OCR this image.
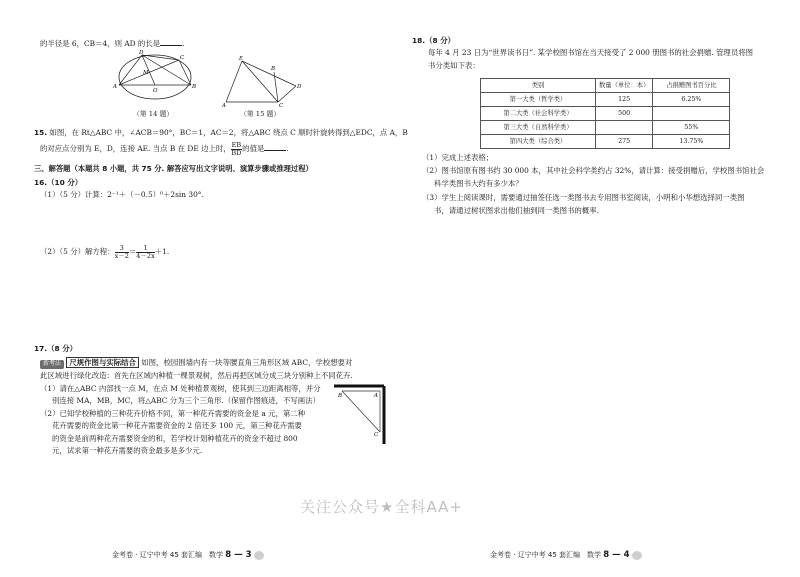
的半径是 6，CB＝4，则 AD 的长是	.
D
C
M
A
O
B
E
B
C
A
D
（第 14 题）	（第 15 题）
15. 如图，在 Rt△ABC 中，∠ACB＝90°，BC＝1，AC＝2，将△ABC 绕点 C 顺时针旋转得到△EDC，点 A，B
的对应点分别为 E，D，连接 AE. 当点 B 在 DE 边上时， $\frac{EB}{BD}$ 的值是	.
三、解答题（本题共 8 小题，共 75 分. 解答应写出文字说明、演算步骤或推理过程）
16.（10 分）
（1）（5 分）计算：2⁻¹＋（－0.5）⁰＋2sin 30°.
（2）（5 分）解方程： $\frac{3}{x-2} = \frac{1}{4-2x} +1$.
17.（8 分）
新考法 尺规作图与实际结合 如图，校园围墙内有一块等腰直角三角形区域 ABC，学校想要对
此区域进行绿化改造：首先在区域内种植一棵景观树，然后再把区域分成三块分别种上不同花卉.
（1）请在△ABC 内部找一点 M，在点 M 处种植景观树，使其到三边距离相等，并分
别连接 MA，MB，MC，将△ABC 分为三个三角形.（保留作图痕迹，不写画法）
（2）已知学校种植的三种花卉价格不同，第一种花卉需要的资金是 a 元，第二种
花卉需要的资金比第一种花卉需要资金的 2 倍还多 100 元，第三种花卉需要
的资金是前两种花卉需要资金的和，若学校计划种植花卉的资金不超过 800
元，试求第一种花卉需要的资金最多是多少元.
B	A
C
金考卷 · 辽宁中考 45 套汇编　数学 8 — 3
18.（8 分）
每年 4 月 23 日为“世界读书日”. 某学校图书馆在当天接受了 2 000 册图书的社会捐赠. 管理员将图
书分类如下表：
类别	数量（单位：本）	占捐赠图书百分比
第一大类（哲学类）	125	6.25%
第二大类（社会科学类）	500	
第三大类（自然科学类）		55%
第四大类（综合类）	275	13.75%
（1）完成上述表格；
（2）图书馆原有图书约 30 000 本，其中社会科学类约占 32%，请计算：接受捐赠后，学校图书馆社会
科学类图书大约有多少本？
（3）学生上阅读课时，需要通过抽签任选一类图书去专用图书室阅读，小明和小华想选择同一类图
书，请通过树状图求出他们抽到同一类图书的概率.
金考卷 · 辽宁中考 45 套汇编　数学 8 — 4
关注公众号★全科AA+
